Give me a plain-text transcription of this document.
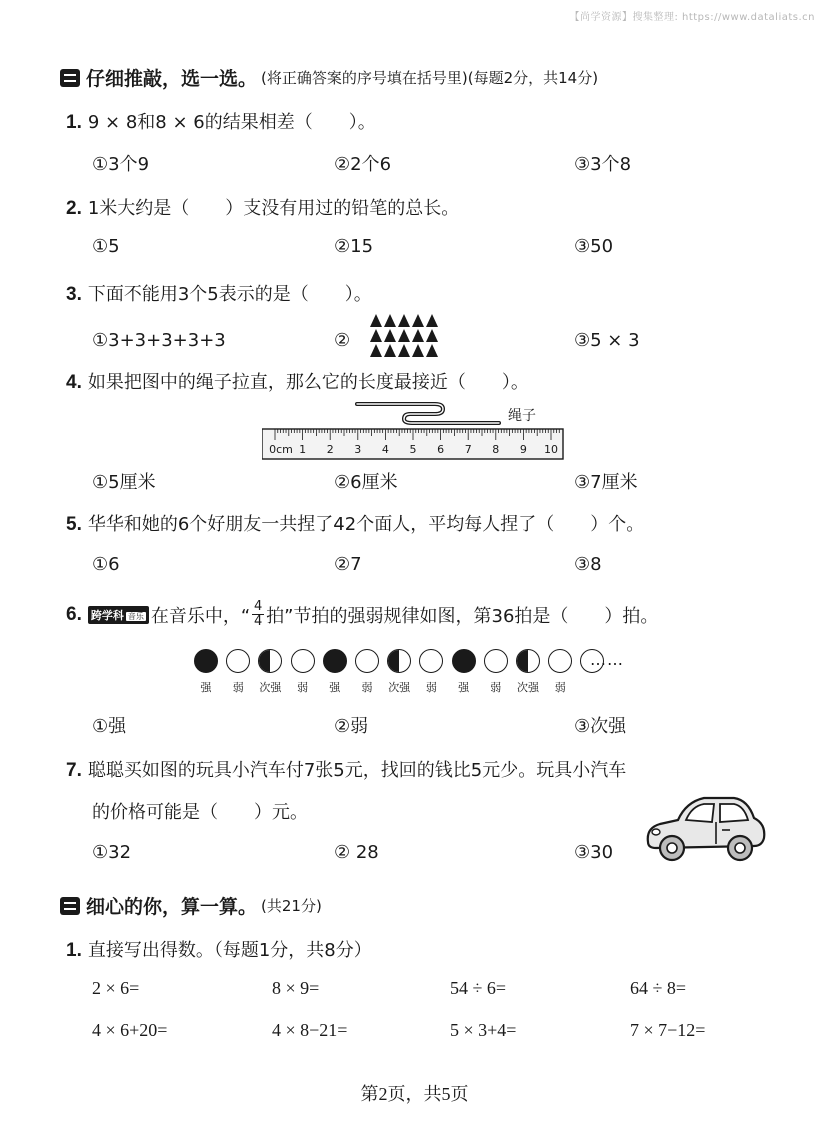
【尚学资源】搜集整理: https://www.dataliats.cn
仔细推敲，选一选。 (将正确答案的序号填在括号里)(每题2分，共14分)
1. 9 × 8和8 × 6的结果相差（　　）。
①3个9	②2个6	③3个8
2. 1米大约是（　　）支没有用过的铅笔的总长。
①5	②15	③50
3. 下面不能用3个5表示的是（　　）。
①3+3+3+3+3	②	③5 × 3
4. 如果把图中的绳子拉直，那么它的长度最接近（　　）。
绳子
0cm 1 2 3 4 5 6 7 8 9 10
①5厘米	②6厘米	③7厘米
5. 华华和她的6个好朋友一共捏了42个面人，平均每人捏了（　　）个。
①6	②7	③8
6. 跨学科 音乐 在音乐中，“ $\frac{4}{4}$ 拍”节拍的强弱规律如图，第36拍是（　　）拍。
强	弱	次强	弱	强	弱	次强	弱	强	弱	次强	弱
……
①强	②弱	③次强
7. 聪聪买如图的玩具小汽车付7张5元，找回的钱比5元少。玩具小汽车
的价格可能是（　　）元。
①32	② 28	③30
细心的你，算一算。 (共21分)
1. 直接写出得数。（每题1分，共8分）
2 × 6=	8 × 9=	54 ÷ 6=	64 ÷ 8=
4 × 6+20=	4 × 8−21=	5 × 3+4=	7 × 7−12=
第2页，共5页
